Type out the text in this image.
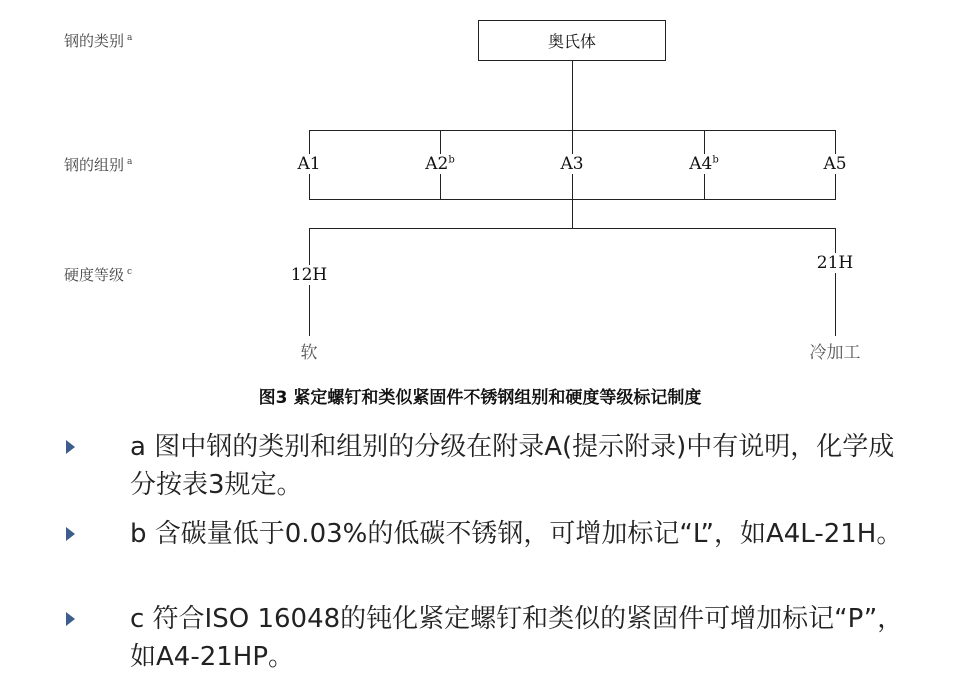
钢的类别 $^a$
钢的组别 $^a$
硬度等级 $^c$
奥氏体
A1	A2$^b$	A3	A4$^b$	A5
12H
21H
软	冷加工
图3 紧定螺钉和类似紧固件不锈钢组别和硬度等级标记制度
a 图中钢的类别和组别的分级在附录A(提示附录)中有说明，化学成分按表3规定。
b 含碳量低于0.03%的低碳不锈钢，可增加标记“L”，如A4L-21H。
c 符合ISO 16048的钝化紧定螺钉和类似的紧固件可增加标记“P”，如A4-21HP。
